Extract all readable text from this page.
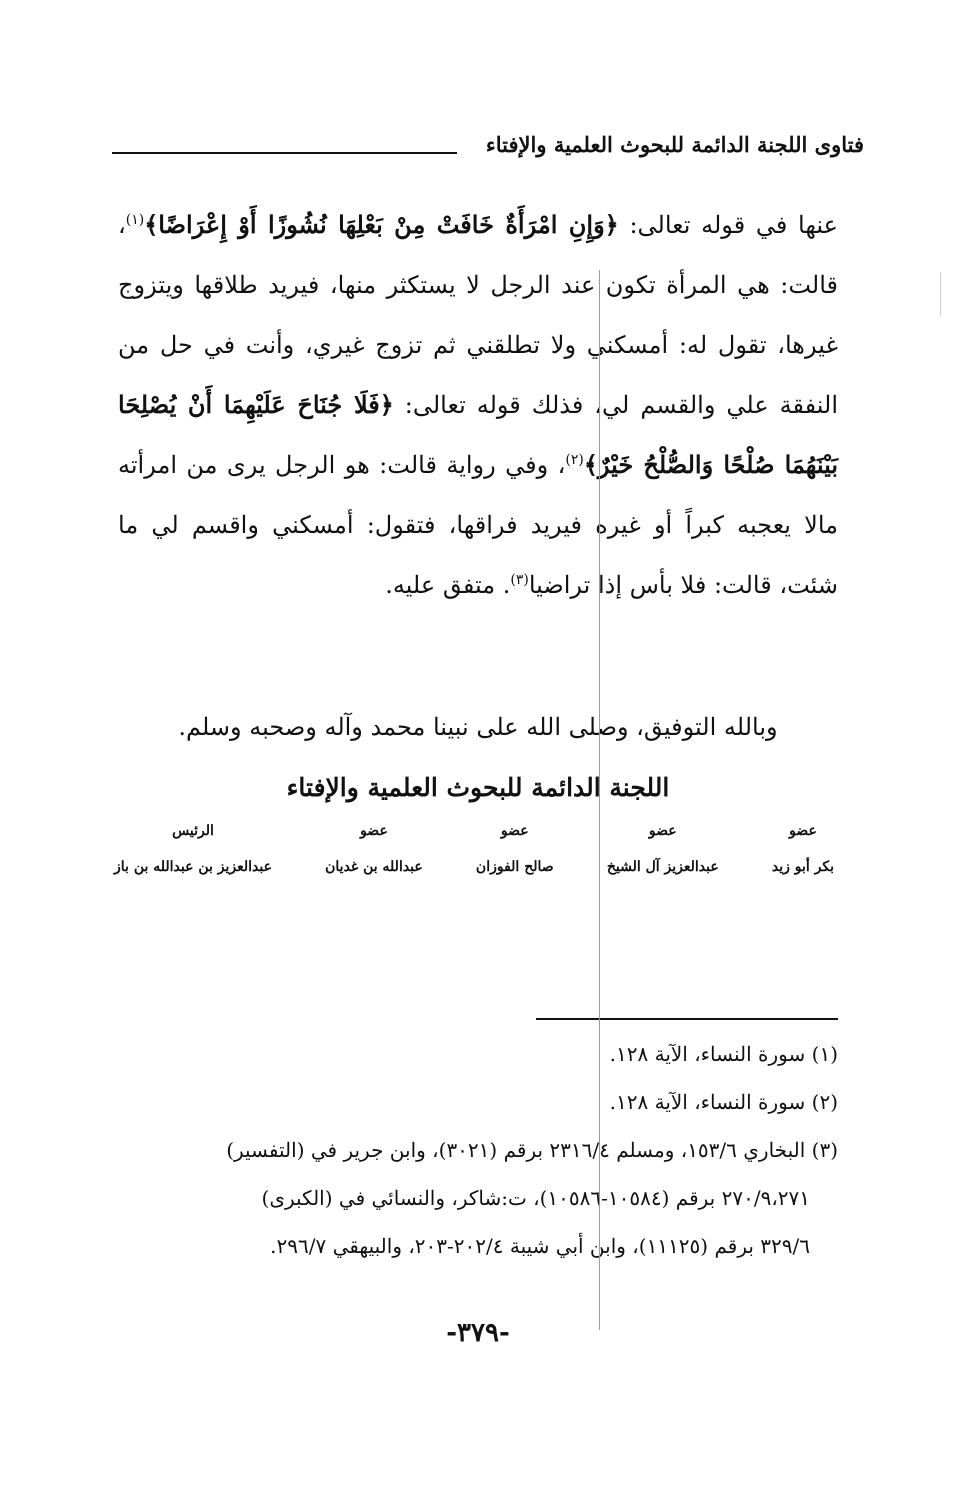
فتاوى اللجنة الدائمة للبحوث العلمية والإفتاء

عنها في قوله تعالى: ﴿وَإِنِ امْرَأَةٌ خَافَتْ مِنْ بَعْلِهَا نُشُوزًا أَوْ إِعْرَاضًا﴾$^{(١)}$، قالت: هي المرأة تكون عند الرجل لا يستكثر منها، فيريد طلاقها ويتزوج غيرها، تقول له: أمسكني ولا تطلقني ثم تزوج غيري، وأنت في حل من النفقة علي والقسم لي، فذلك قوله تعالى: ﴿فَلَا جُنَاحَ عَلَيْهِمَا أَنْ يُصْلِحَا بَيْنَهُمَا صُلْحًا وَالصُّلْحُ خَيْرٌ﴾$^{(٢)}$، وفي رواية قالت: هو الرجل يرى من امرأته مالا يعجبه كبراً أو غيره فيريد فراقها، فتقول: أمسكني واقسم لي ما شئت، قالت: فلا بأس إذا تراضيا$^{(٣)}$. متفق عليه.

وبالله التوفيق، وصلى الله على نبينا محمد وآله وصحبه وسلم.
اللجنة الدائمة للبحوث العلمية والإفتاء
عضو
بكر أبو زيد
عضو
عبدالعزيز آل الشيخ
عضو
صالح الفوزان
عضو
عبدالله بن غديان
الرئيس
عبدالعزيز بن عبدالله بن باز

(١) سورة النساء، الآية ١٢٨.

(٢) سورة النساء، الآية ١٢٨.

(٣) البخاري ١٥٣/٦، ومسلم ٢٣١٦/٤ برقم (٣٠٢١)، وابن جرير في (التفسير)

٢٧٠/٩،٢٧١ برقم (١٠٥٨٤-١٠٥٨٦)، ت:شاكر، والنسائي في (الكبرى)

٣٢٩/٦ برقم (١١١٢٥)، وابن أبي شيبة ٢٠٢/٤-٢٠٣، والبيهقي ٢٩٦/٧.

-٣٧٩-
